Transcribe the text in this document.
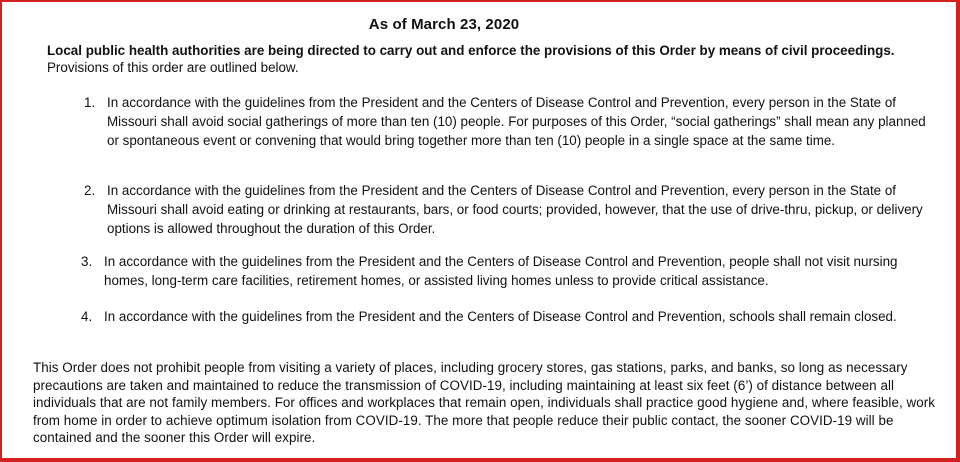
As of March 23, 2020
Local public health authorities are being directed to carry out and enforce the provisions of this Order by means of civil proceedings. Provisions of this order are outlined below.
1. In accordance with the guidelines from the President and the Centers of Disease Control and Prevention, every person in the State of Missouri shall avoid social gatherings of more than ten (10) people. For purposes of this Order, “social gatherings” shall mean any planned or spontaneous event or convening that would bring together more than ten (10) people in a single space at the same time.
2. In accordance with the guidelines from the President and the Centers of Disease Control and Prevention, every person in the State of Missouri shall avoid eating or drinking at restaurants, bars, or food courts; provided, however, that the use of drive-thru, pickup, or delivery options is allowed throughout the duration of this Order.
3. In accordance with the guidelines from the President and the Centers of Disease Control and Prevention, people shall not visit nursing homes, long-term care facilities, retirement homes, or assisted living homes unless to provide critical assistance.
4. In accordance with the guidelines from the President and the Centers of Disease Control and Prevention, schools shall remain closed.
This Order does not prohibit people from visiting a variety of places, including grocery stores, gas stations, parks, and banks, so long as necessary precautions are taken and maintained to reduce the transmission of COVID-19, including maintaining at least six feet (6’) of distance between all individuals that are not family members. For offices and workplaces that remain open, individuals shall practice good hygiene and, where feasible, work from home in order to achieve optimum isolation from COVID-19. The more that people reduce their public contact, the sooner COVID-19 will be contained and the sooner this Order will expire.
